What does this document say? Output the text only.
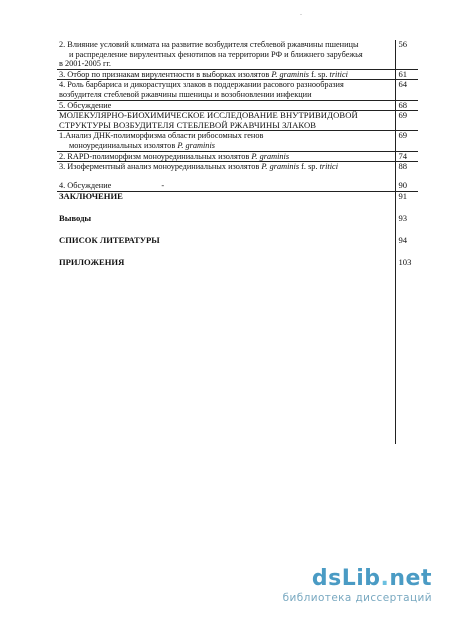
-
2. Влияние условий климата на развитие возбудителя стеблевой ржавчины пшеницы
и распределение вирулентных фенотипов на территории РФ и ближнего зарубежья
в 2001-2005 гг.	56
3. Отбор по признакам вирулентности в выборках изолятов P. graminis f. sp. tritici	61

4. Роль барбариса и дикорастущих злаков в поддержании расового разнообразия
возбудителя стеблевой ржавчины пшеницы и возобновлении инфекции	64
5. Обсуждение	68

МОЛЕКУЛЯРНО-БИОХИМИЧЕСКОЕ ИССЛЕДОВАНИЕ ВНУТРИВИДОВОЙ
СТРУКТУРЫ ВОЗБУДИТЕЛЯ СТЕБЛЕВОЙ РЖАВЧИНЫ ЗЛАКОВ	69

1.Анализ ДНК-полиморфизма области рибосомных генов
моноурединиальных изолятов P. graminis	69
2. RAPD-полиморфизм моноурединиальных изолятов P. graminis	74
3. Изоферментный анализ моноурединиальных изолятов P. graminis f. sp. tritici	88
4. Обсуждение -	90
ЗАКЛЮЧЕНИЕ	91
Выводы	93
СПИСОК ЛИТЕРАТУРЫ	94
ПРИЛОЖЕНИЯ	103
dsLib.net
библиотека диссертаций
